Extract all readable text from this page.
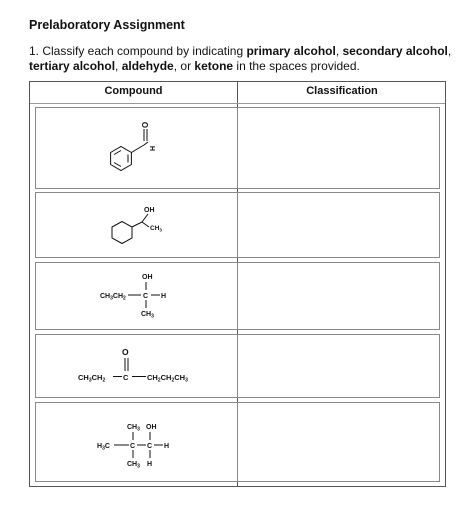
Prelaboratory Assignment
1. Classify each compound by indicating primary alcohol, secondary alcohol, tertiary alcohol, aldehyde, or ketone in the spaces provided.
Compound	Classification
O
H
OH
$CH_3$
OH
$CH_3CH_2$ C H
$CH_3$
O
$CH_3CH_2$ C $CH_2CH_2CH_3$
$CH_3$ OH
$H_3C$	C C H
$CH_3$ H
